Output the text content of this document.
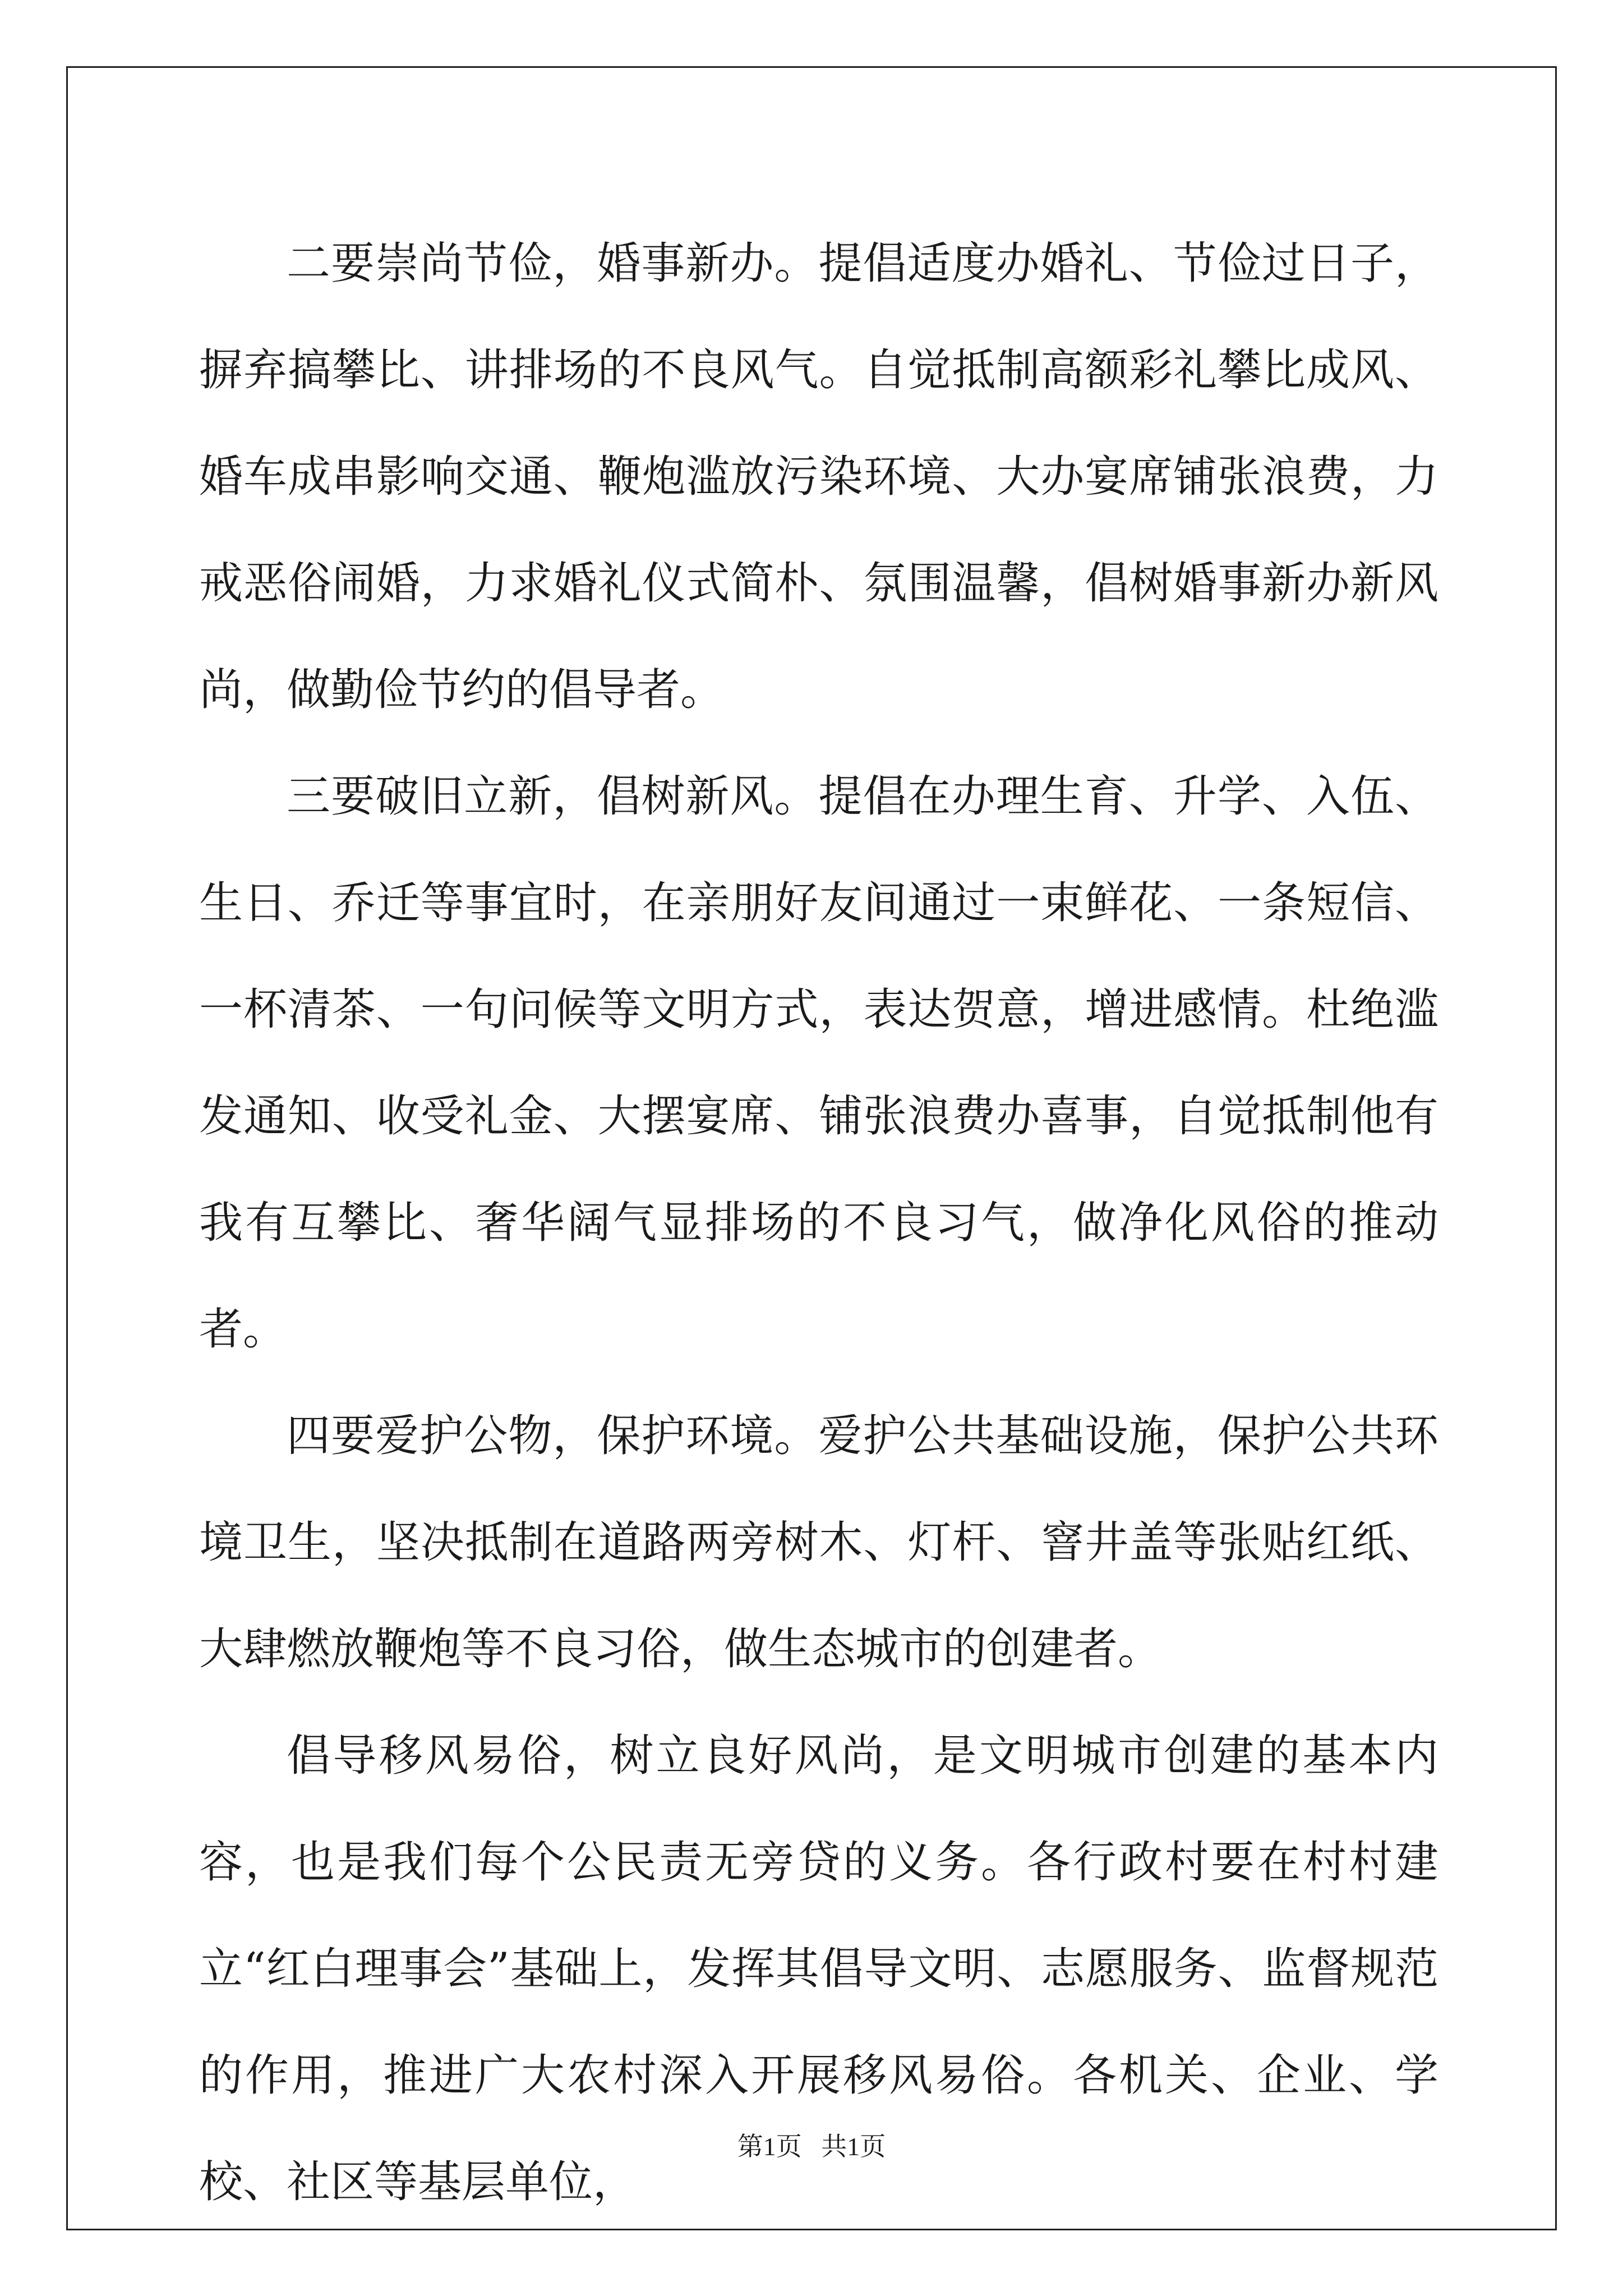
二要崇尚节俭，婚事新办。提倡适度办婚礼、节俭过日子，摒弃搞攀比、讲排场的不良风气。自觉抵制高额彩礼攀比成风、婚车成串影响交通、鞭炮滥放污染环境、大办宴席铺张浪费，力戒恶俗闹婚，力求婚礼仪式简朴、氛围温馨，倡树婚事新办新风尚，做勤俭节约的倡导者。

三要破旧立新，倡树新风。提倡在办理生育、升学、入伍、生日、乔迁等事宜时，在亲朋好友间通过一束鲜花、一条短信、一杯清茶、一句问候等文明方式，表达贺意，增进感情。杜绝滥发通知、收受礼金、大摆宴席、铺张浪费办喜事，自觉抵制他有我有互攀比、奢华阔气显排场的不良习气，做净化风俗的推动者。

四要爱护公物，保护环境。爱护公共基础设施，保护公共环境卫生，坚决抵制在道路两旁树木、灯杆、窨井盖等张贴红纸、大肆燃放鞭炮等不良习俗，做生态城市的创建者。

倡导移风易俗，树立良好风尚，是文明城市创建的基本内容，也是我们每个公民责无旁贷的义务。各行政村要在村村建立“红白理事会”基础上，发挥其倡导文明、志愿服务、监督规范的作用，推进广大农村深入开展移风易俗。各机关、企业、学校、社区等基层单位，

第1页   共1页
